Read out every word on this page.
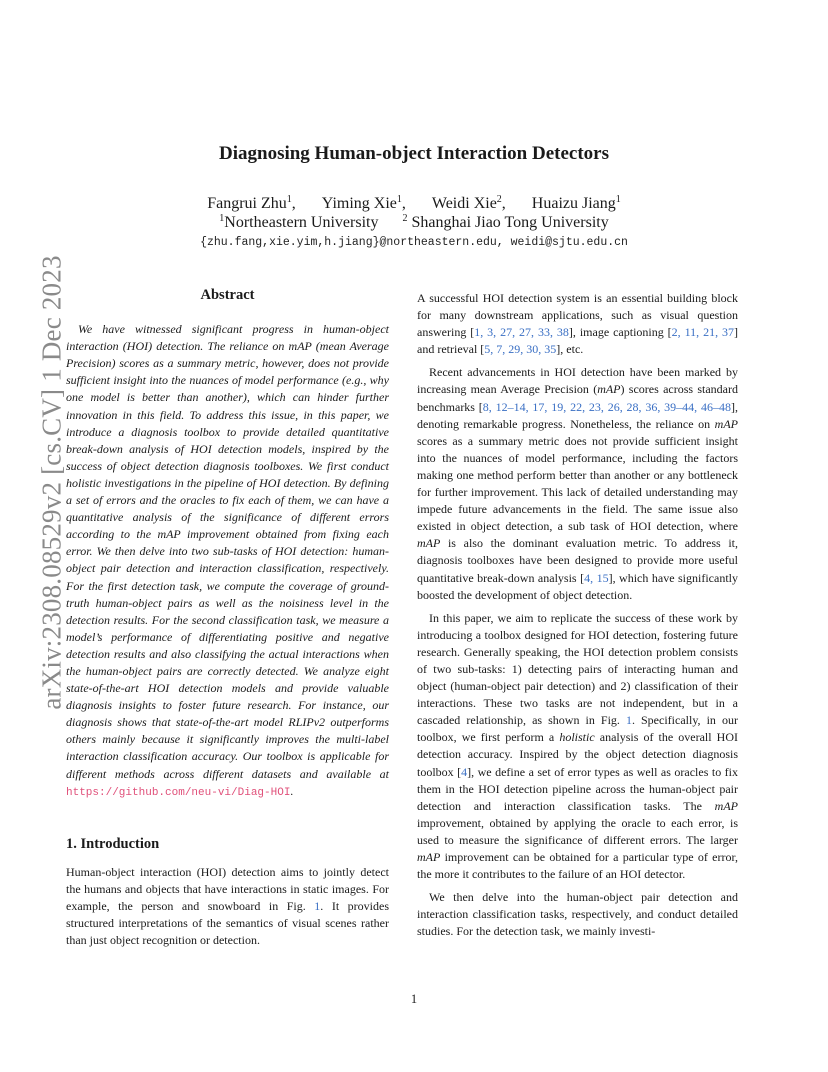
arXiv:2308.08529v2 [cs.CV] 1 Dec 2023
Diagnosing Human-object Interaction Detectors
Fangrui Zhu$^1$, Yiming Xie$^1$, Weidi Xie$^2$, Huaizu Jiang$^1$
$^1$Northeastern University $^2$ Shanghai Jiao Tong University
{zhu.fang,xie.yim,h.jiang}@northeastern.edu, weidi@sjtu.edu.cn
Abstract

We have witnessed significant progress in human-object interaction (HOI) detection. The reliance on mAP (mean Average Precision) scores as a summary metric, however, does not provide sufficient insight into the nuances of model performance (e.g., why one model is better than another), which can hinder further innovation in this field. To address this issue, in this paper, we introduce a diagnosis toolbox to provide detailed quantitative break-down analysis of HOI detection models, inspired by the success of object detection diagnosis toolboxes. We first conduct holistic investigations in the pipeline of HOI detection. By defining a set of errors and the oracles to fix each of them, we can have a quantitative analysis of the significance of different errors according to the mAP improvement obtained from fixing each error. We then delve into two sub-tasks of HOI detection: human-object pair detection and interaction classification, respectively. For the first detection task, we compute the coverage of ground-truth human-object pairs as well as the noisiness level in the detection results. For the second classification task, we measure a model’s performance of differentiating positive and negative detection results and also classifying the actual interactions when the human-object pairs are correctly detected. We analyze eight state-of-the-art HOI detection models and provide valuable diagnosis insights to foster future research. For instance, our diagnosis shows that state-of-the-art model RLIPv2 outperforms others mainly because it significantly improves the multi-label interaction classification accuracy. Our toolbox is applicable for different methods across different datasets and available at https://github.com/neu-vi/Diag-HOI.

1. Introduction

Human-object interaction (HOI) detection aims to jointly detect the humans and objects that have interactions in static images. For example, the person and snowboard in Fig. 1. It provides structured interpretations of the semantics of visual scenes rather than just object recognition or detection.

A successful HOI detection system is an essential building block for many downstream applications, such as visual question answering [1, 3, 27, 27, 33, 38], image captioning [2, 11, 21, 37] and retrieval [5, 7, 29, 30, 35], etc.

Recent advancements in HOI detection have been marked by increasing mean Average Precision (mAP) scores across standard benchmarks [8, 12–14, 17, 19, 22, 23, 26, 28, 36, 39–44, 46–48], denoting remarkable progress. Nonetheless, the reliance on mAP scores as a summary metric does not provide sufficient insight into the nuances of model performance, including the factors making one method perform better than another or any bottleneck for further improvement. This lack of detailed understanding may impede future advancements in the field. The same issue also existed in object detection, a sub task of HOI detection, where mAP is also the dominant evaluation metric. To address it, diagnosis toolboxes have been designed to provide more useful quantitative break-down analysis [4, 15], which have significantly boosted the development of object detection.

In this paper, we aim to replicate the success of these work by introducing a toolbox designed for HOI detection, fostering future research. Generally speaking, the HOI detection problem consists of two sub-tasks: 1) detecting pairs of interacting human and object (human-object pair detection) and 2) classification of their interactions. These two tasks are not independent, but in a cascaded relationship, as shown in Fig. 1. Specifically, in our toolbox, we first perform a holistic analysis of the overall HOI detection accuracy. Inspired by the object detection diagnosis toolbox [4], we define a set of error types as well as oracles to fix them in the HOI detection pipeline across the human-object pair detection and interaction classification tasks. The mAP improvement, obtained by applying the oracle to each error, is used to measure the significance of different errors. The larger mAP improvement can be obtained for a particular type of error, the more it contributes to the failure of an HOI detector.

We then delve into the human-object pair detection and interaction classification tasks, respectively, and conduct detailed studies. For the detection task, we mainly investi-

1
